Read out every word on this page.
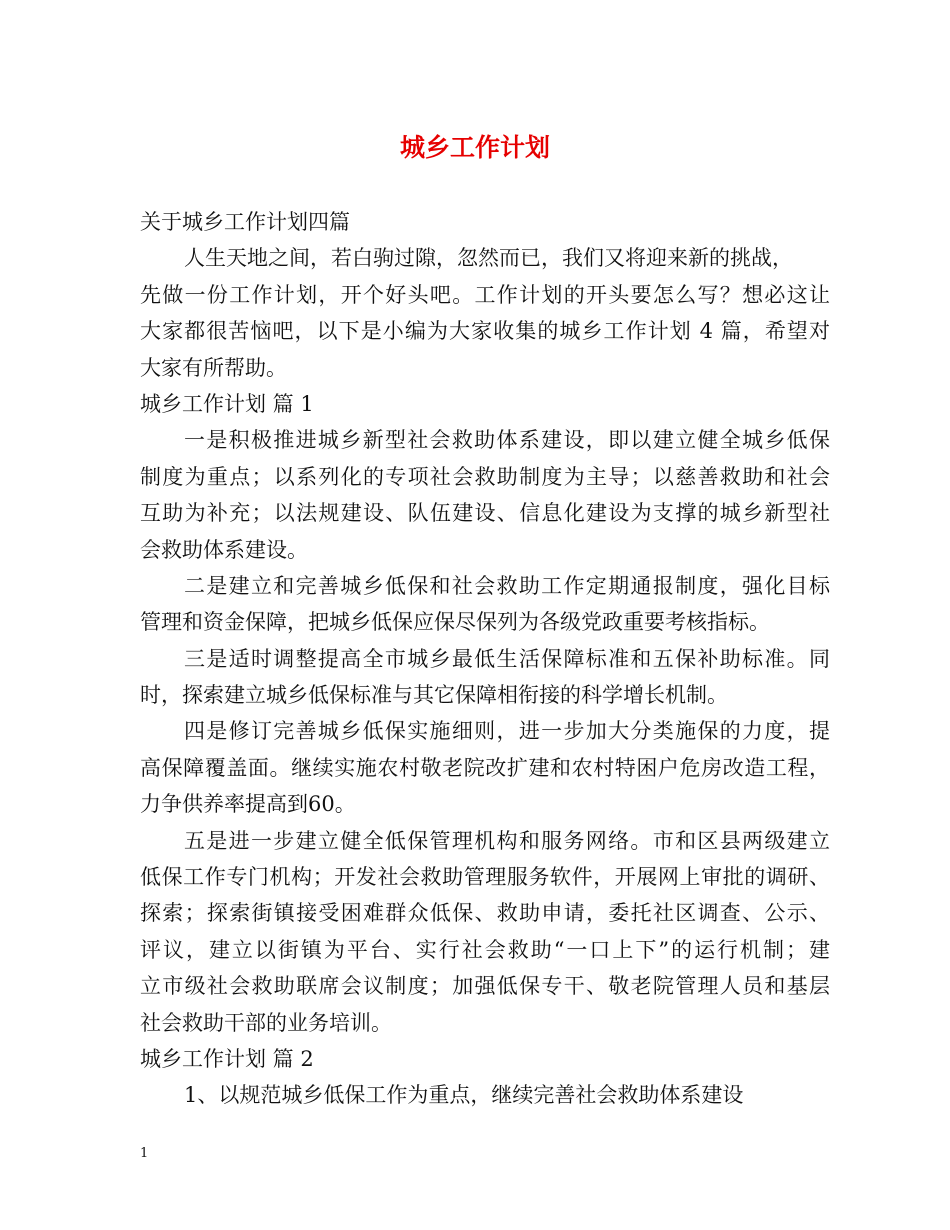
城乡工作计划
关于城乡工作计划四篇
人生天地之间，若白驹过隙，忽然而已，我们又将迎来新的挑战，
先做一份工作计划，开个好头吧。工作计划的开头要怎么写？想必这让
大家都很苦恼吧，以下是小编为大家收集的城乡工作计划 4 篇，希望对
大家有所帮助。
城乡工作计划 篇 1
一是积极推进城乡新型社会救助体系建设，即以建立健全城乡低保
制度为重点；以系列化的专项社会救助制度为主导；以慈善救助和社会
互助为补充；以法规建设、队伍建设、信息化建设为支撑的城乡新型社
会救助体系建设。
二是建立和完善城乡低保和社会救助工作定期通报制度，强化目标
管理和资金保障，把城乡低保应保尽保列为各级党政重要考核指标。
三是适时调整提高全市城乡最低生活保障标准和五保补助标准。同
时，探索建立城乡低保标准与其它保障相衔接的科学增长机制。
四是修订完善城乡低保实施细则，进一步加大分类施保的力度，提
高保障覆盖面。继续实施农村敬老院改扩建和农村特困户危房改造工程，
力争供养率提高到60。
五是进一步建立健全低保管理机构和服务网络。市和区县两级建立
低保工作专门机构；开发社会救助管理服务软件，开展网上审批的调研、
探索；探索街镇接受困难群众低保、救助申请，委托社区调查、公示、
评议，建立以街镇为平台、实行社会救助“一口上下”的运行机制；建
立市级社会救助联席会议制度；加强低保专干、敬老院管理人员和基层
社会救助干部的业务培训。
城乡工作计划 篇 2
1、以规范城乡低保工作为重点，继续完善社会救助体系建设
1
